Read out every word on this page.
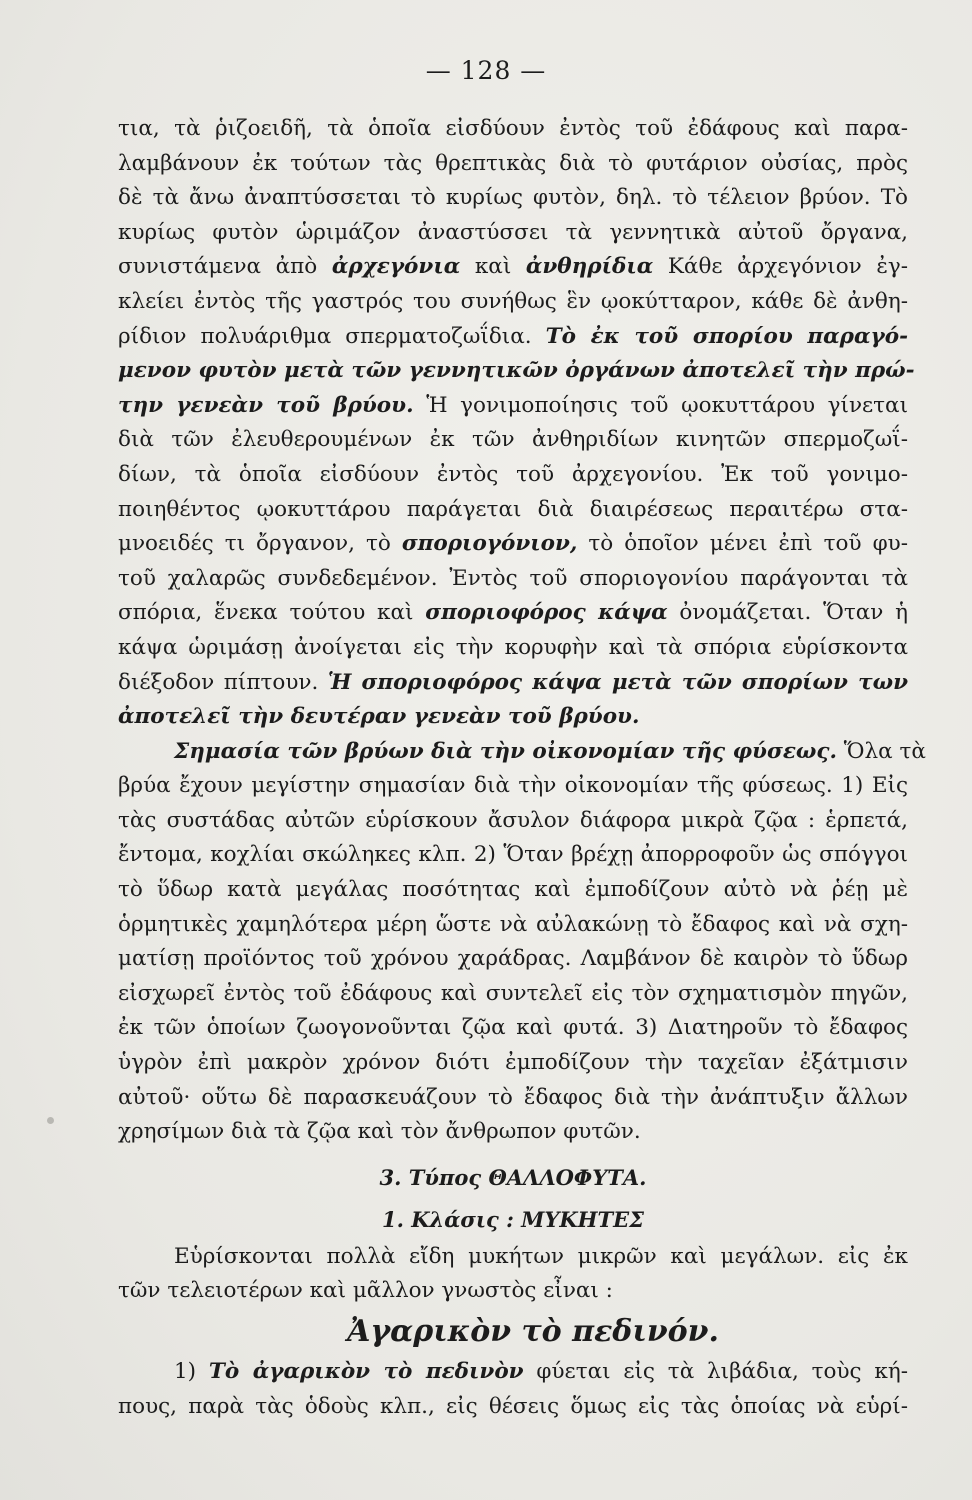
— 128 —
τια, τὰ ῥιζοειδῆ, τὰ ὁποῖα εἰσδύουν ἐντὸς τοῦ ἐδάφους καὶ παρα-
λαμβάνουν ἐκ τούτων τὰς θρεπτικὰς διὰ τὸ φυτάριον οὐσίας, πρὸς
δὲ τὰ ἄνω ἀναπτύσσεται τὸ κυρίως φυτὸν, δηλ. τὸ τέλειον βρύον. Τὸ
κυρίως φυτὸν ὡριμάζον ἀναστύσσει τὰ γεννητικὰ αὐτοῦ ὄργανα,
συνιστάμενα ἀπὸ ἀρχεγόνια καὶ ἀνθηρίδια Κάθε ἀρχεγόνιον ἐγ-
κλείει ἐντὸς τῆς γαστρός του συνήθως ἓν ῳοκύτταρον, κάθε δὲ ἀνθη-
ρίδιον πολυάριθμα σπερματοζωΐδια. Τὸ ἐκ τοῦ σπορίου παραγό-
μενον φυτὸν μετὰ τῶν γεννητικῶν ὀργάνων ἀποτελεῖ τὴν πρώ-
την γενεὰν τοῦ βρύου. Ἡ γονιμοποίησις τοῦ ῳοκυττάρου γίνεται
διὰ τῶν ἐλευθερουμένων ἐκ τῶν ἀνθηριδίων κινητῶν σπερμοζωΐ-
δίων, τὰ ὁποῖα εἰσδύουν ἐντὸς τοῦ ἀρχεγονίου. Ἐκ τοῦ γονιμο-
ποιηθέντος ῳοκυττάρου παράγεται διὰ διαιρέσεως περαιτέρω στα-
μνοειδές τι ὄργανον, τὸ σποριογόνιον, τὸ ὁποῖον μένει ἐπὶ τοῦ φυ-
τοῦ χαλαρῶς συνδεδεμένον. Ἐντὸς τοῦ σποριογονίου παράγονται τὰ
σπόρια, ἕνεκα τούτου καὶ σποριοφόρος κάψα ὀνομάζεται. Ὅταν ἡ
κάψα ὡριμάσῃ ἀνοίγεται εἰς τὴν κορυφὴν καὶ τὰ σπόρια εὑρίσκοντα
διέξοδον πίπτουν. Ἡ σποριοφόρος κάψα μετὰ τῶν σπορίων των
ἀποτελεῖ τὴν δευτέραν γενεὰν τοῦ βρύου.
Σημασία τῶν βρύων διὰ τὴν οἰκονομίαν τῆς φύσεως. Ὅλα τὰ
βρύα ἔχουν μεγίστην σημασίαν διὰ τὴν οἰκονομίαν τῆς φύσεως. 1) Εἰς
τὰς συστάδας αὐτῶν εὑρίσκουν ἄσυλον διάφορα μικρὰ ζῷα : ἑρπετά,
ἔντομα, κοχλίαι σκώληκες κλπ. 2) Ὅταν βρέχῃ ἀπορροφοῦν ὡς σπόγγοι
τὸ ὕδωρ κατὰ μεγάλας ποσότητας καὶ ἐμποδίζουν αὐτὸ νὰ ῥέῃ μὲ
ὁρμητικὲς χαμηλότερα μέρη ὥστε νὰ αὐλακώνῃ τὸ ἔδαφος καὶ νὰ σχη-
ματίσῃ προϊόντος τοῦ χρόνου χαράδρας. Λαμβάνον δὲ καιρὸν τὸ ὕδωρ
εἰσχωρεῖ ἐντὸς τοῦ ἐδάφους καὶ συντελεῖ εἰς τὸν σχηματισμὸν πηγῶν,
ἐκ τῶν ὁποίων ζωογονοῦνται ζῷα καὶ φυτά. 3) Διατηροῦν τὸ ἔδαφος
ὑγρὸν ἐπὶ μακρὸν χρόνον διότι ἐμποδίζουν τὴν ταχεῖαν ἐξάτμισιν
αὐτοῦ· οὕτω δὲ παρασκευάζουν τὸ ἔδαφος διὰ τὴν ἀνάπτυξιν ἄλλων
χρησίμων διὰ τὰ ζῷα καὶ τὸν ἄνθρωπον φυτῶν.
3. Τύπος ΘΑΛΛΟΦΥΤΑ.
1. Κλάσις : ΜΥΚΗΤΕΣ
Εὑρίσκονται πολλὰ εἴδη μυκήτων μικρῶν καὶ μεγάλων. εἰς ἐκ
τῶν τελειοτέρων καὶ μᾶλλον γνωστὸς εἶναι :
Ἀγαρικὸν τὸ πεδινόν.
1) Τὸ ἀγαρικὸν τὸ πεδινὸν φύεται εἰς τὰ λιβάδια, τοὺς κή-
πους, παρὰ τὰς ὁδοὺς κλπ., εἰς θέσεις ὅμως εἰς τὰς ὁποίας νὰ εὑρί-
